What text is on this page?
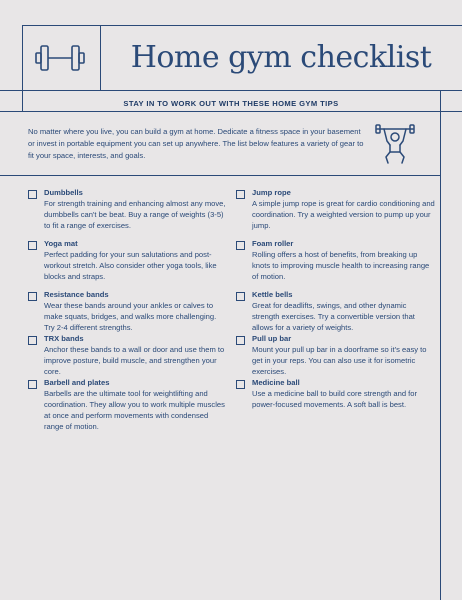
Home gym checklist
STAY IN TO WORK OUT WITH THESE HOME GYM TIPS
No matter where you live, you can build a gym at home. Dedicate a fitness space in your basement or invest in portable equipment you can set up anywhere. The list below features a variety of gear to fit your space, interests, and goals.
Dumbbells
For strength training and enhancing almost any move, dumbbells can't be beat. Buy a range of weights (3-5) to fit a range of exercises.
Yoga mat
Perfect padding for your sun salutations and post-workout stretch. Also consider other yoga tools, like blocks and straps.
Resistance bands
Wear these bands around your ankles or calves to make squats, bridges, and walks more challenging. Try 2-4 different strengths.
TRX bands
Anchor these bands to a wall or door and use them to improve posture, build muscle, and strengthen your core.
Barbell and plates
Barbells are the ultimate tool for weightlifting and coordination. They allow you to work multiple muscles at once and perform movements with condensed range of motion.
Jump rope
A simple jump rope is great for cardio conditioning and coordination. Try a weighted version to pump up your jump.
Foam roller
Rolling offers a host of benefits, from breaking up knots to improving muscle health to increasing range of motion.
Kettle bells
Great for deadlifts, swings, and other dynamic strength exercises. Try a convertible version that allows for a variety of weights.
Pull up bar
Mount your pull up bar in a doorframe so it's easy to get in your reps. You can also use it for isometric exercises.
Medicine ball
Use a medicine ball to build core strength and for power-focused movements. A soft ball is best.
